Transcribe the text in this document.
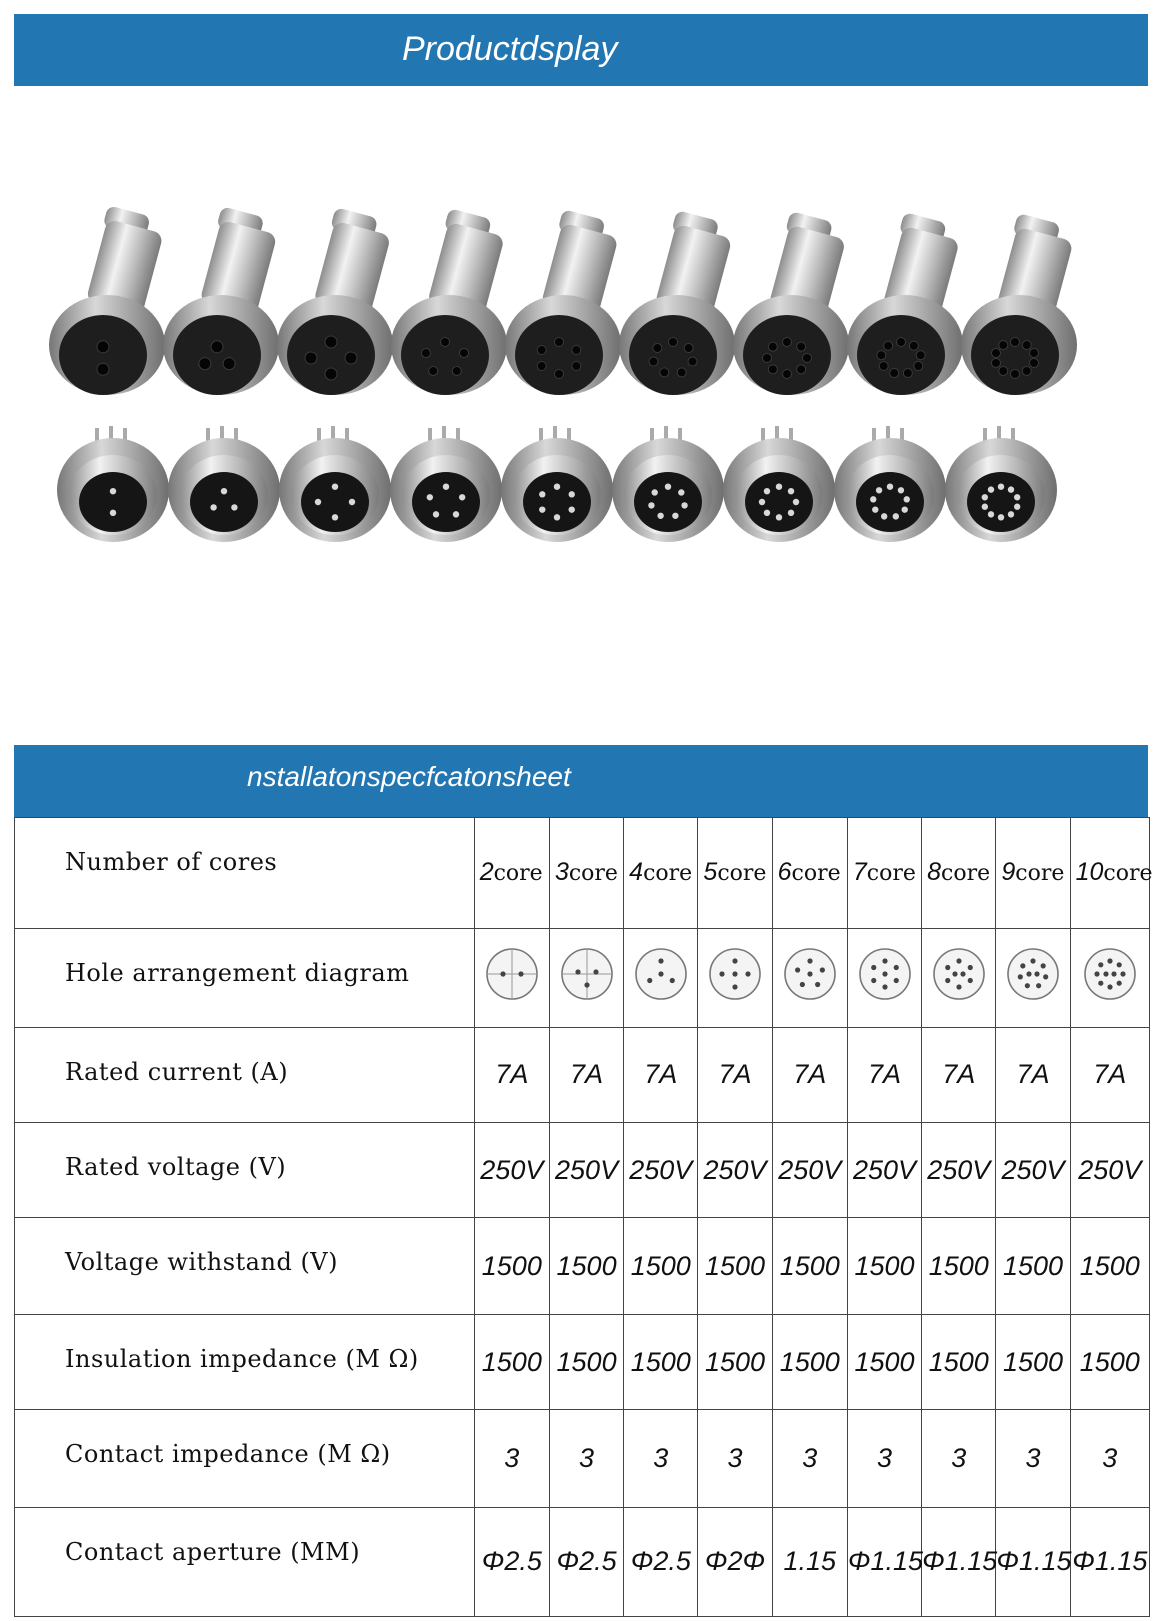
Productdsplay
nstallatonspecfcatonsheet
Number of cores	2core	3core	4core	5core	6core	7core	8core	9core	10core
Hole arrangement diagram									
Rated current (A)	7A	7A	7A	7A	7A	7A	7A	7A	7A
Rated voltage (V)	250V	250V	250V	250V	250V	250V	250V	250V	250V
Voltage withstand (V)	1500	1500	1500	1500	1500	1500	1500	1500	1500
Insulation impedance (M Ω)	1500	1500	1500	1500	1500	1500	1500	1500	1500
Contact impedance (M Ω)	3	3	3	3	3	3	3	3	3
Contact aperture (MM)	Φ2.5	Φ2.5	Φ2.5	Φ2Φ	1.15	Φ1.15	Φ1.15	Φ1.15	Φ1.15
